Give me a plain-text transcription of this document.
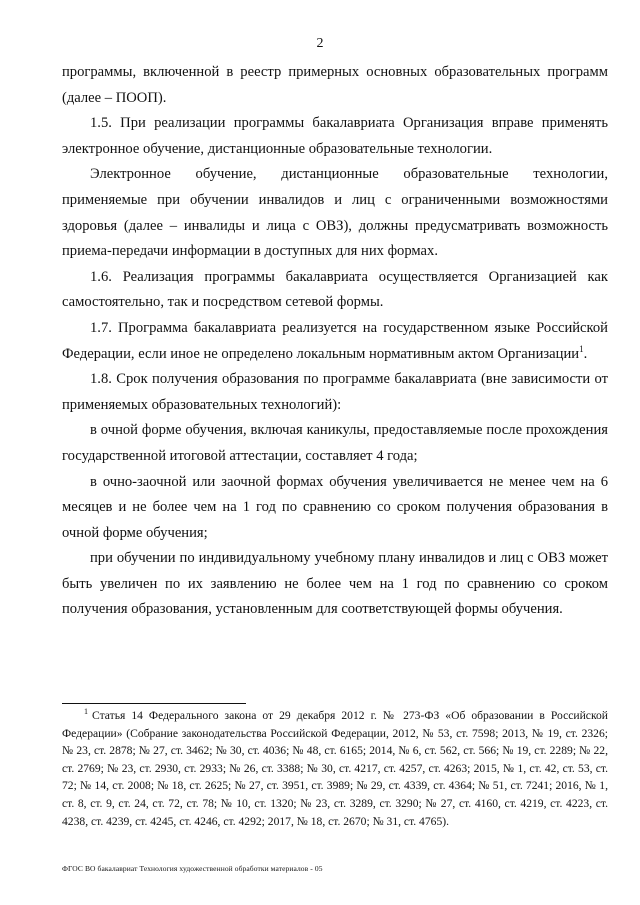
2

программы, включенной в реестр примерных основных образовательных программ (далее – ПООП).

1.5. При реализации программы бакалавриата Организация вправе применять электронное обучение, дистанционные образовательные технологии.

Электронное обучение, дистанционные образовательные технологии, применяемые при обучении инвалидов и лиц с ограниченными возможностями здоровья (далее – инвалиды и лица с ОВЗ), должны предусматривать возможность приема-передачи информации в доступных для них формах.

1.6. Реализация программы бакалавриата осуществляется Организацией как самостоятельно, так и посредством сетевой формы.

1.7. Программа бакалавриата реализуется на государственном языке Российской Федерации, если иное не определено локальным нормативным актом Организации$^1$.

1.8. Срок получения образования по программе бакалавриата (вне зависимости от применяемых образовательных технологий):

в очной форме обучения, включая каникулы, предоставляемые после прохождения государственной итоговой аттестации, составляет 4 года;

в очно-заочной или заочной формах обучения увеличивается не менее чем на 6 месяцев и не более чем на 1 год по сравнению со сроком получения образования в очной форме обучения;

при обучении по индивидуальному учебному плану инвалидов и лиц с ОВЗ может быть увеличен по их заявлению не более чем на 1 год по сравнению со сроком получения образования, установленным для соответствующей формы обучения.

$^1$ Статья 14 Федерального закона от 29 декабря 2012 г. № 273-ФЗ «Об образовании в Российской Федерации» (Собрание законодательства Российской Федерации, 2012, № 53, ст. 7598; 2013, № 19, ст. 2326; № 23, ст. 2878; № 27, ст. 3462; № 30, ст. 4036; № 48, ст. 6165; 2014, № 6, ст. 562, ст. 566; № 19, ст. 2289; № 22, ст. 2769; № 23, ст. 2930, ст. 2933; № 26, ст. 3388; № 30, ст. 4217, ст. 4257, ст. 4263; 2015, № 1, ст. 42, ст. 53, ст. 72; № 14, ст. 2008; № 18, ст. 2625; № 27, ст. 3951, ст. 3989; № 29, ст. 4339, ст. 4364; № 51, ст. 7241; 2016, № 1, ст. 8, ст. 9, ст. 24, ст. 72, ст. 78; № 10, ст. 1320; № 23, ст. 3289, ст. 3290; № 27, ст. 4160, ст. 4219, ст. 4223, ст. 4238, ст. 4239, ст. 4245, ст. 4246, ст. 4292; 2017, № 18, ст. 2670; № 31, ст. 4765).
ФГОС ВО бакалавриат Технология художественной обработки материалов - 05
